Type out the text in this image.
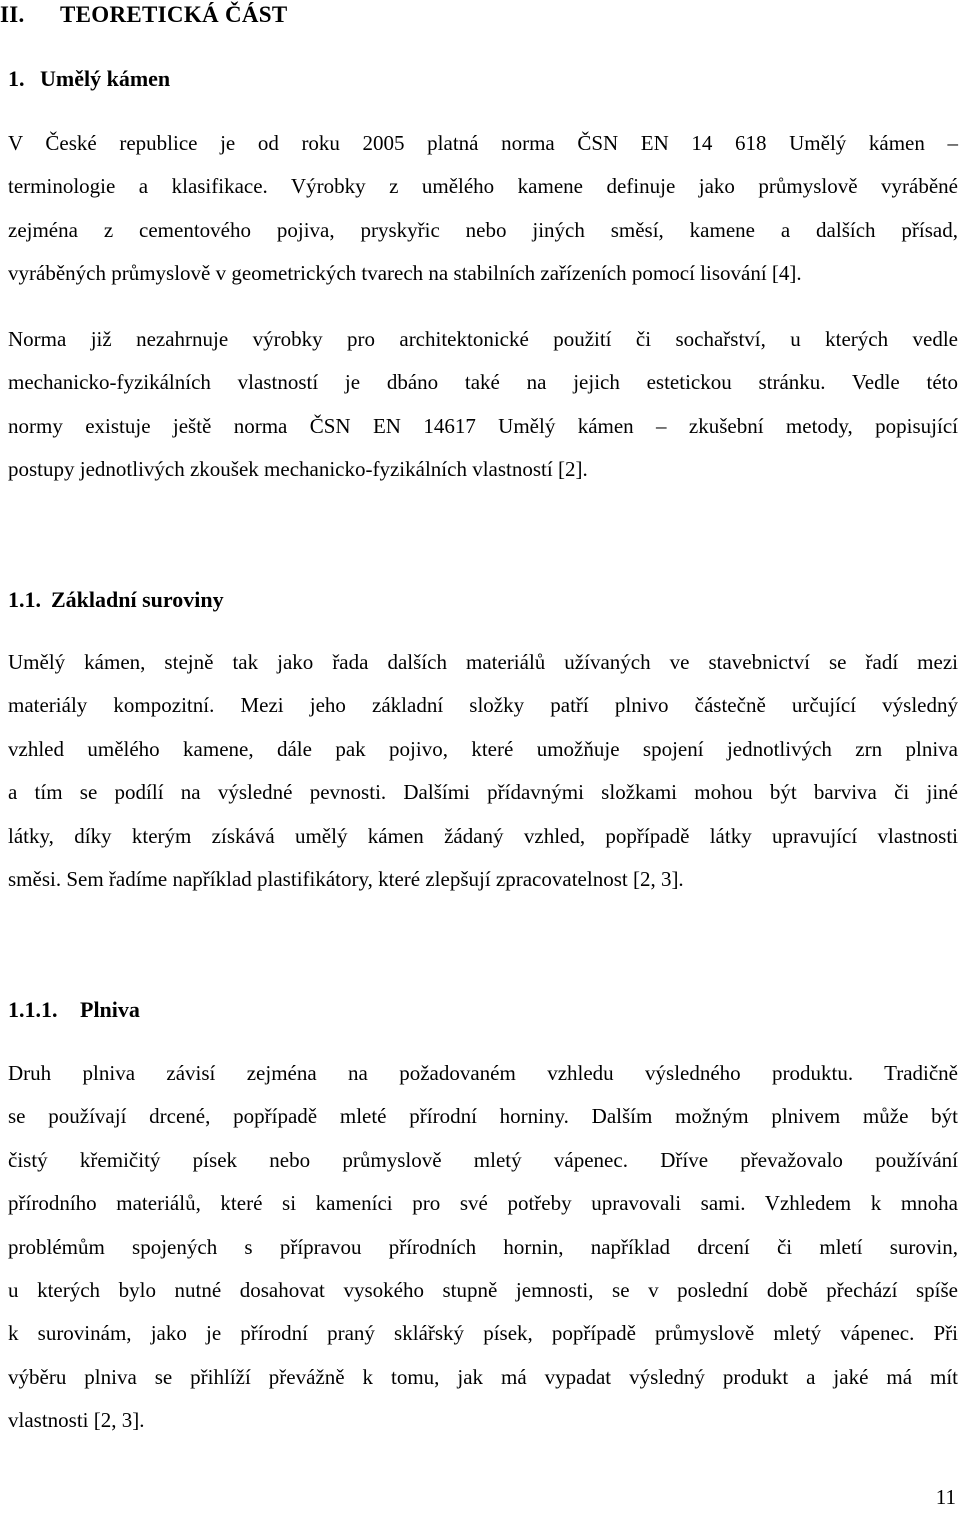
II. TEORETICKÁ ČÁST
1. Umělý kámen
V České republice je od roku 2005 platná norma ČSN EN 14 618 Umělý kámen –
terminologie a klasifikace. Výrobky z umělého kamene definuje jako průmyslově vyráběné
zejména z cementového pojiva, pryskyřic nebo jiných směsí, kamene a dalších přísad,
vyráběných průmyslově v geometrických tvarech na stabilních zařízeních pomocí lisování [4].
Norma již nezahrnuje výrobky pro architektonické použití či sochařství, u kterých vedle
mechanicko-fyzikálních vlastností je dbáno také na jejich estetickou stránku. Vedle této
normy existuje ještě norma ČSN EN 14617 Umělý kámen – zkušební metody, popisující
postupy jednotlivých zkoušek mechanicko-fyzikálních vlastností [2].
1.1. Základní suroviny
Umělý kámen, stejně tak jako řada dalších materiálů užívaných ve stavebnictví se řadí mezi
materiály kompozitní. Mezi jeho základní složky patří plnivo částečně určující výsledný
vzhled umělého kamene, dále pak pojivo, které umožňuje spojení jednotlivých zrn plniva
a tím se podílí na výsledné pevnosti. Dalšími přídavnými složkami mohou být barviva či jiné
látky, díky kterým získává umělý kámen žádaný vzhled, popřípadě látky upravující vlastnosti
směsi. Sem řadíme například plastifikátory, které zlepšují zpracovatelnost [2, 3].
1.1.1. Plniva
Druh plniva závisí zejména na požadovaném vzhledu výsledného produktu. Tradičně
se používají drcené, popřípadě mleté přírodní horniny. Dalším možným plnivem může být
čistý křemičitý písek nebo průmyslově mletý vápenec. Dříve převažovalo používání
přírodního materiálů, které si kameníci pro své potřeby upravovali sami. Vzhledem k mnoha
problémům spojených s přípravou přírodních hornin, například drcení či mletí surovin,
u kterých bylo nutné dosahovat vysokého stupně jemnosti, se v poslední době přechází spíše
k surovinám, jako je přírodní praný sklářský písek, popřípadě průmyslově mletý vápenec. Při
výběru plniva se přihlíží převážně k tomu, jak má vypadat výsledný produkt a jaké má mít
vlastnosti [2, 3].
11
